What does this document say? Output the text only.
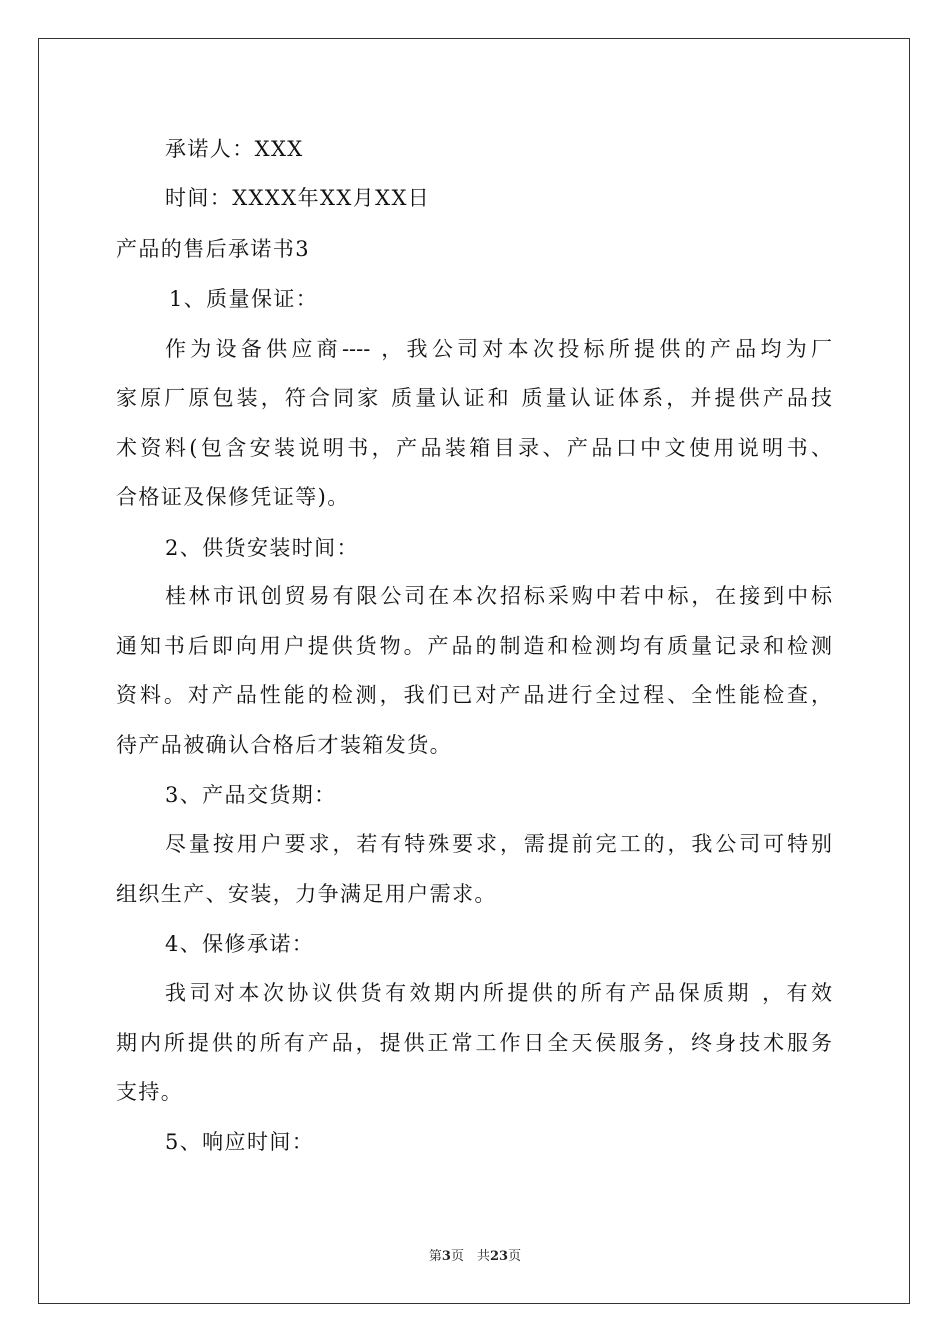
承诺人：XXX
时间：XXXX年XX月XX日
产品的售后承诺书3
1、质量保证：
作为设备供应商---- ，我公司对本次投标所提供的产品均为厂
家原厂原包装，符合同家 质量认证和 质量认证体系，并提供产品技
术资料(包含安装说明书，产品装箱目录、产品口中文使用说明书、
合格证及保修凭证等)。
2、供货安装时间：
桂林市讯创贸易有限公司在本次招标采购中若中标，在接到中标
通知书后即向用户提供货物。产品的制造和检测均有质量记录和检测
资料。对产品性能的检测，我们已对产品进行全过程、全性能检查，
待产品被确认合格后才装箱发货。
3、产品交货期：
尽量按用户要求，若有特殊要求，需提前完工的，我公司可特别
组织生产、安装，力争满足用户需求。
4、保修承诺：
我司对本次协议供货有效期内所提供的所有产品保质期 ，有效
期内所提供的所有产品，提供正常工作日全天侯服务，终身技术服务
支持。
5、响应时间：
第3页　共23页
